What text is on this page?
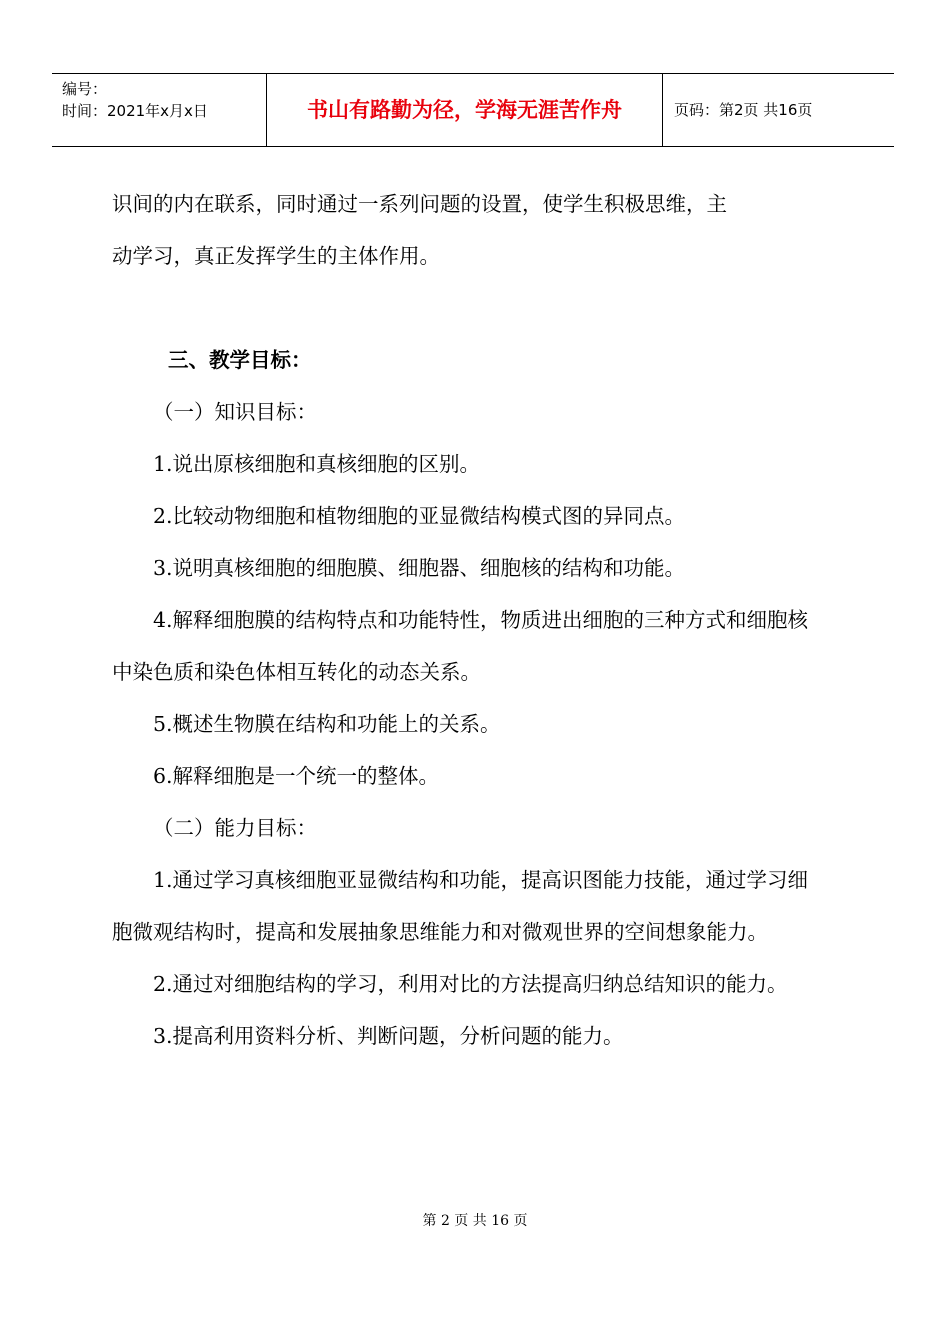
编号：
时间：2021年x月x日	书山有路勤为径，学海无涯苦作舟	页码：第2页 共16页

识间的内在联系，同时通过一系列问题的设置，使学生积极思维，主

动学习，真正发挥学生的主体作用。

三、教学目标：

（一）知识目标：

1.说出原核细胞和真核细胞的区别。

2.比较动物细胞和植物细胞的亚显微结构模式图的异同点。

3.说明真核细胞的细胞膜、细胞器、细胞核的结构和功能。

4.解释细胞膜的结构特点和功能特性，物质进出细胞的三种方式和细胞核中染色质和染色体相互转化的动态关系。

5.概述生物膜在结构和功能上的关系。

6.解释细胞是一个统一的整体。

（二）能力目标：

1.通过学习真核细胞亚显微结构和功能，提高识图能力技能，通过学习细胞微观结构时，提高和发展抽象思维能力和对微观世界的空间想象能力。

2.通过对细胞结构的学习，利用对比的方法提高归纳总结知识的能力。

3.提高利用资料分析、判断问题，分析问题的能力。

第 2 页 共 16 页
